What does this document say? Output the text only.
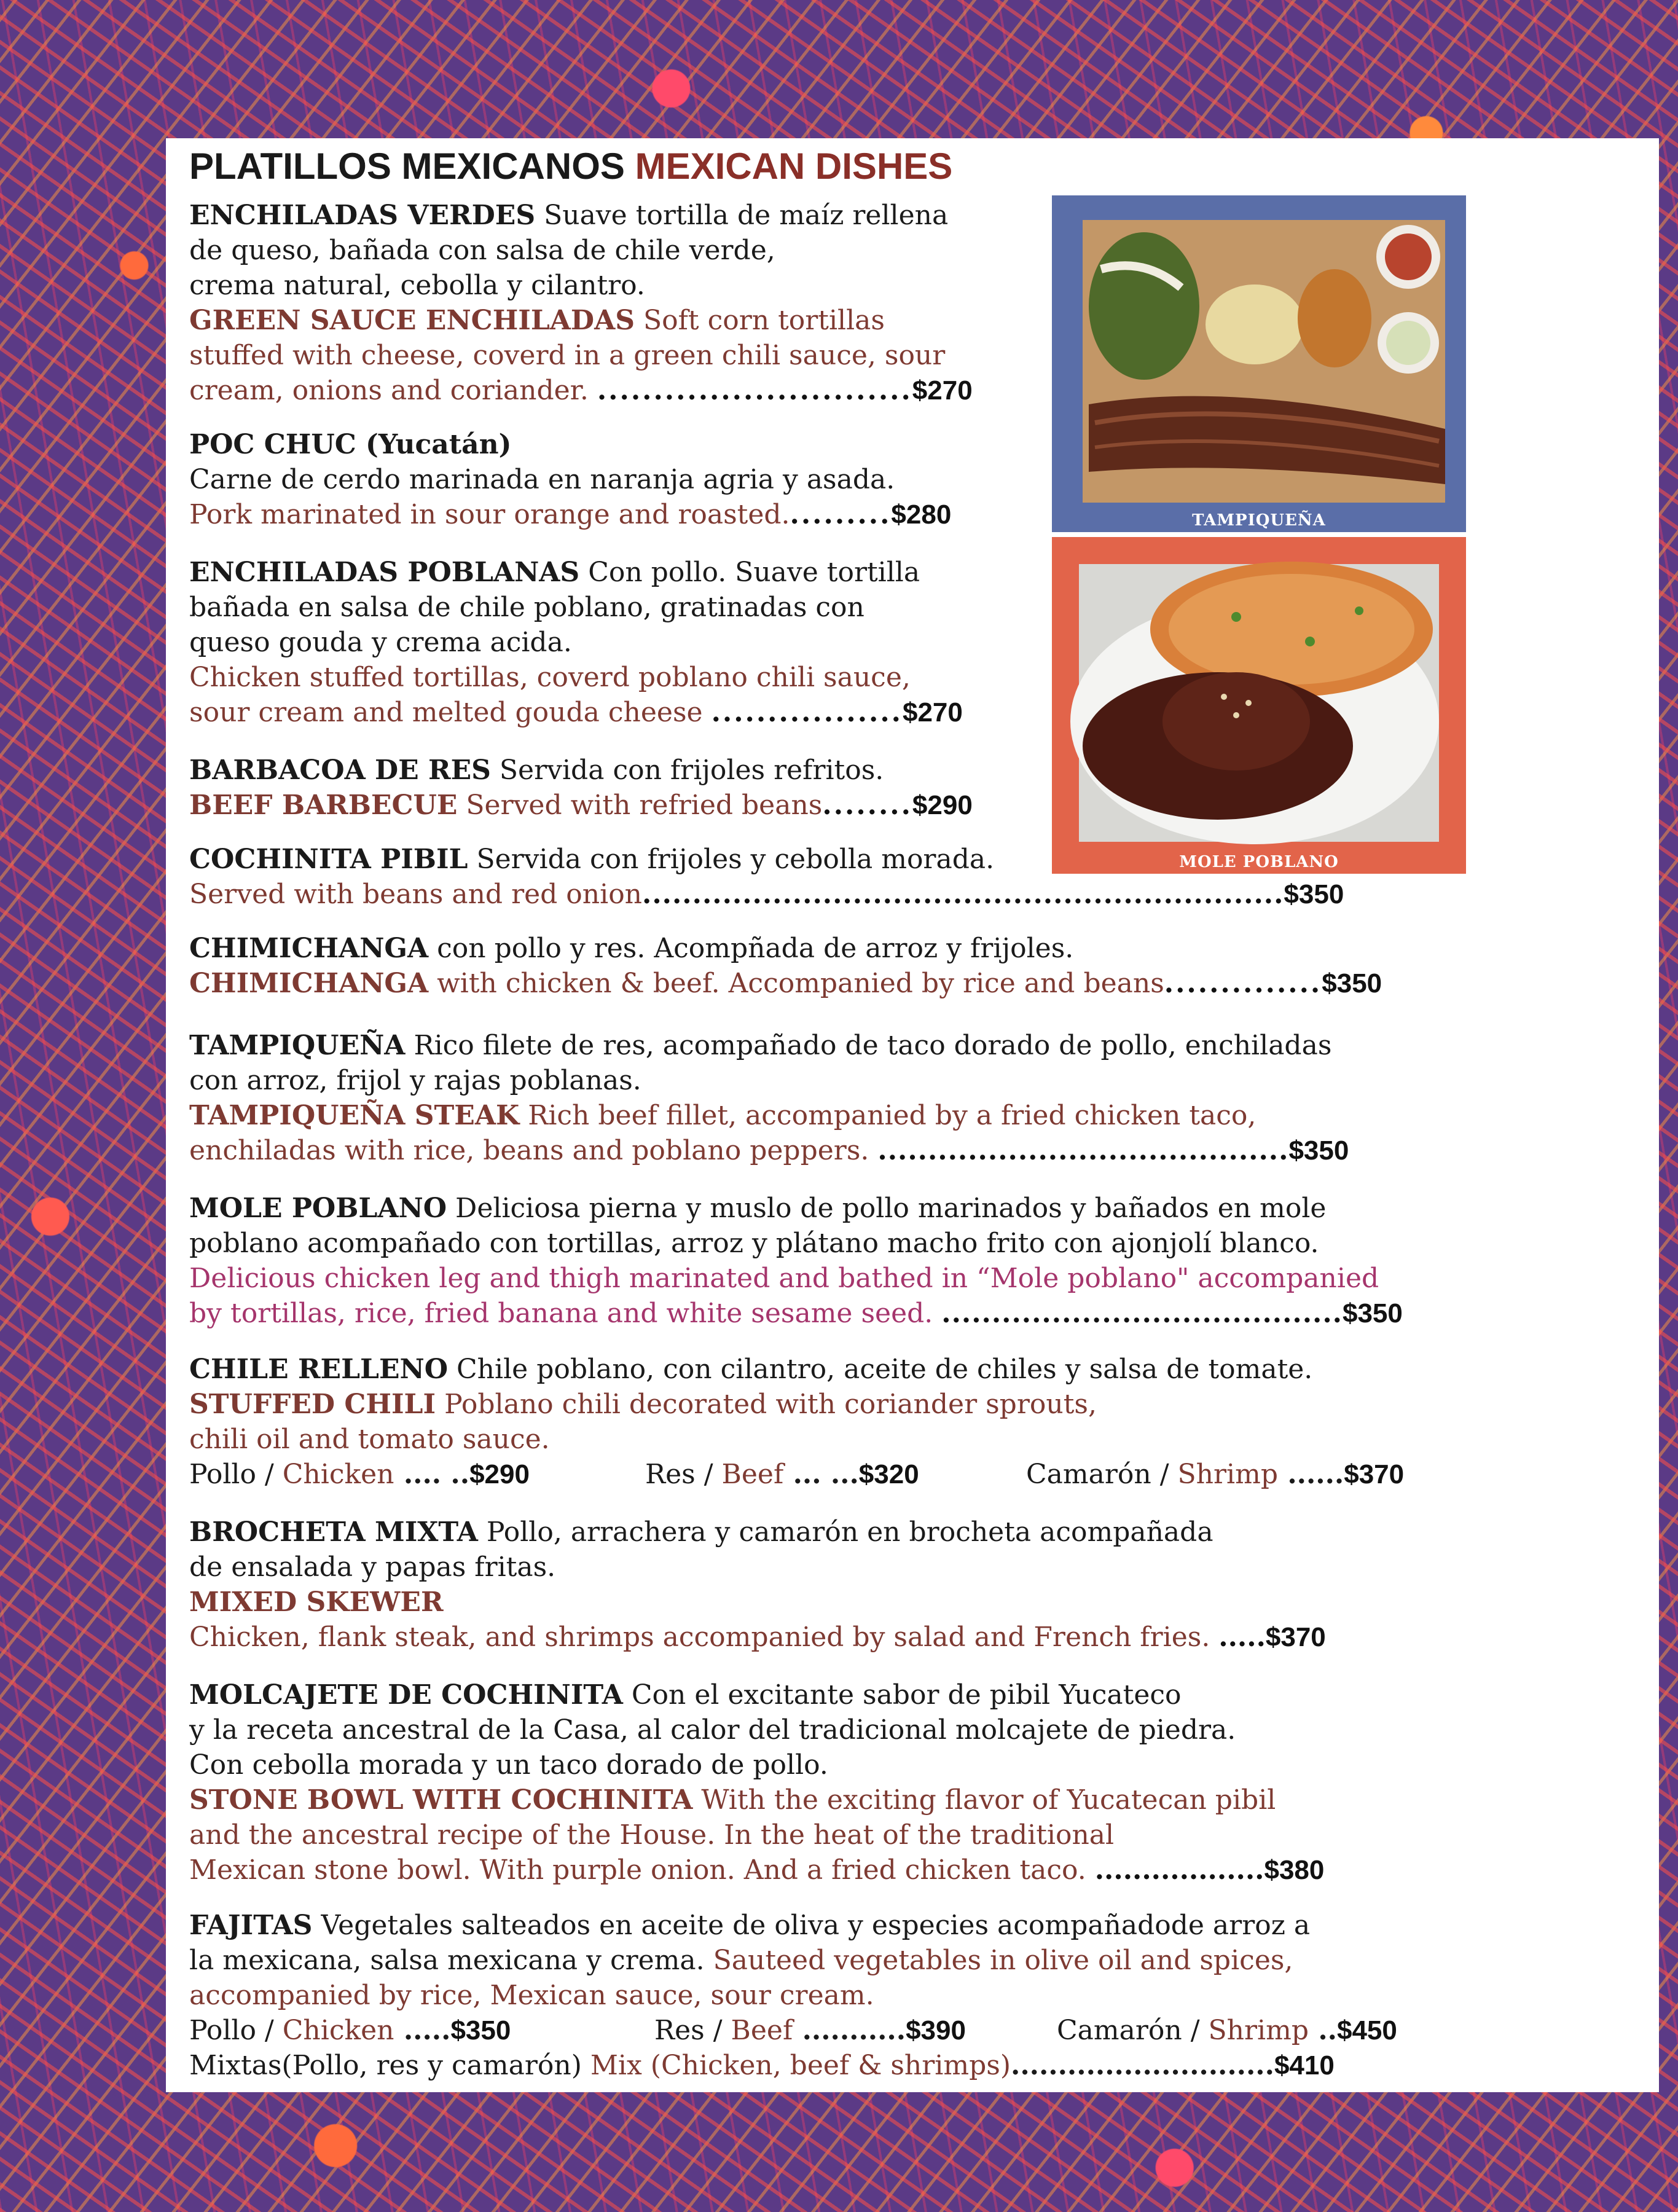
PLATILLOS MEXICANOS MEXICAN DISHES
TAMPIQUEÑA
MOLE POBLANO
ENCHILADAS VERDES Suave tortilla de maíz rellena
de queso, bañada con salsa de chile verde,
crema natural, cebolla y cilantro.
GREEN SAUCE ENCHILADAS Soft corn tortillas
stuffed with cheese, coverd in a green chili sauce, sour
cream, onions and coriander. ............................$270
POC CHUC (Yucatán)
Carne de cerdo marinada en naranja agria y asada.
Pork marinated in sour orange and roasted..........$280
ENCHILADAS POBLANAS Con pollo. Suave tortilla
bañada en salsa de chile poblano, gratinadas con
queso gouda y crema acida.
Chicken stuffed tortillas, coverd poblano chili sauce,
sour cream and melted gouda cheese .................$270
BARBACOA DE RES Servida con frijoles refritos.
BEEF BARBECUE Served with refried beans........$290
COCHINITA PIBIL Servida con frijoles y cebolla morada.
Served with beans and red onion................................................................$350
CHIMICHANGA con pollo y res. Acompñada de arroz y frijoles.
CHIMICHANGA with chicken & beef. Accompanied by rice and beans..............$350
TAMPIQUEÑA Rico filete de res, acompañado de taco dorado de pollo, enchiladas
con arroz, frijol y rajas poblanas.
TAMPIQUEÑA STEAK Rich beef fillet, accompanied by a fried chicken taco,
enchiladas with rice, beans and poblano peppers. .........................................$350
MOLE POBLANO Deliciosa pierna y muslo de pollo marinados y bañados en mole
poblano acompañado con tortillas, arroz y plátano macho frito con ajonjolí blanco.
Delicious chicken leg and thigh marinated and bathed in “Mole poblano" accompanied
by tortillas, rice, fried banana and white sesame seed. ........................................$350
CHILE RELLENO Chile poblano, con cilantro, aceite de chiles y salsa de tomate.
STUFFED CHILI Poblano chili decorated with coriander sprouts,
chili oil and tomato sauce.
Pollo / Chicken .... ..$290	Res / Beef ... ...$320	Camarón / Shrimp ......$370
BROCHETA MIXTA Pollo, arrachera y camarón en brocheta acompañada
de ensalada y papas fritas.
MIXED SKEWER
Chicken, flank steak, and shrimps accompanied by salad and French fries. .....$370
MOLCAJETE DE COCHINITA Con el excitante sabor de pibil Yucateco
y la receta ancestral de la Casa, al calor del tradicional molcajete de piedra.
Con cebolla morada y un taco dorado de pollo.
STONE BOWL WITH COCHINITA With the exciting flavor of Yucatecan pibil
and the ancestral recipe of the House. In the heat of the traditional
Mexican stone bowl. With purple onion. And a fried chicken taco. ..................$380
FAJITAS Vegetales salteados en aceite de oliva y especies acompañadode arroz a
la mexicana, salsa mexicana y crema. Sauteed vegetables in olive oil and spices,
accompanied by rice, Mexican sauce, sour cream.
Pollo / Chicken .....$350	Res / Beef ...........$390	Camarón / Shrimp ..$450
Mixtas(Pollo, res y camarón) Mix (Chicken, beef & shrimps)............................$410
